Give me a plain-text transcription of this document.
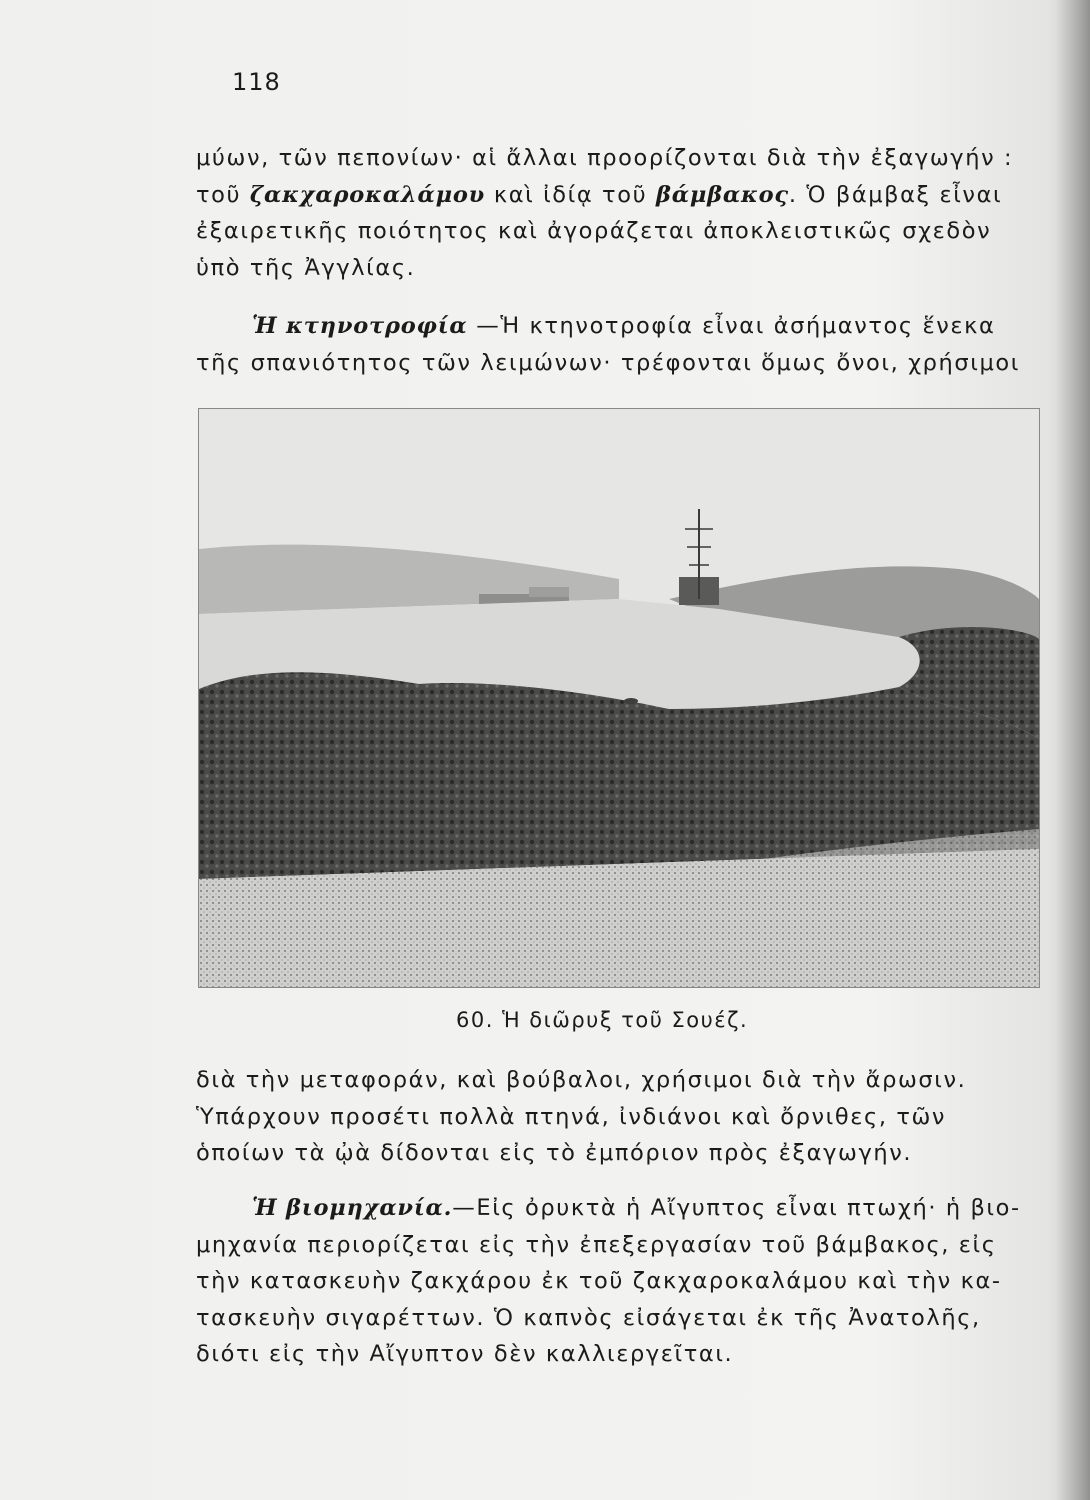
118

μύων, τῶν πεπονίων· αἱ ἄλλαι προορίζονται διὰ τὴν ἐξαγωγήν :
τοῦ ζακχαροκαλάμου καὶ ἰδίᾳ τοῦ βάμβακος. Ὁ βάμβαξ εἶναι
ἐξαιρετικῆς ποιότητος καὶ ἀγοράζεται ἀποκλειστικῶς σχεδὸν
ὑπὸ τῆς Ἀγγλίας.

Ἡ κτηνοτροφία —Ἡ κτηνοτροφία εἶναι ἀσήμαντος ἕνεκα
τῆς σπανιότητος τῶν λειμώνων· τρέφονται ὅμως ὄνοι, χρήσιμοι

60. Ἡ διῶρυξ τοῦ Σουέζ.

διὰ τὴν μεταφοράν, καὶ βούβαλοι, χρήσιμοι διὰ τὴν ἄρωσιν.
Ὑπάρχουν προσέτι πολλὰ πτηνά, ἰνδιάνοι καὶ ὄρνιθες, τῶν
ὁποίων τὰ ᾠὰ δίδονται εἰς τὸ ἐμπόριον πρὸς ἐξαγωγήν.

Ἡ βιομηχανία.—Εἰς ὀρυκτὰ ἡ Αἴγυπτος εἶναι πτωχή· ἡ βιο-
μηχανία περιορίζεται εἰς τὴν ἐπεξεργασίαν τοῦ βάμβακος, εἰς
τὴν κατασκευὴν ζακχάρου ἐκ τοῦ ζακχαροκαλάμου καὶ τὴν κα-
τασκευὴν σιγαρέττων. Ὁ καπνὸς εἰσάγεται ἐκ τῆς Ἀνατολῆς,
διότι εἰς τὴν Αἴγυπτον δὲν καλλιεργεῖται.
